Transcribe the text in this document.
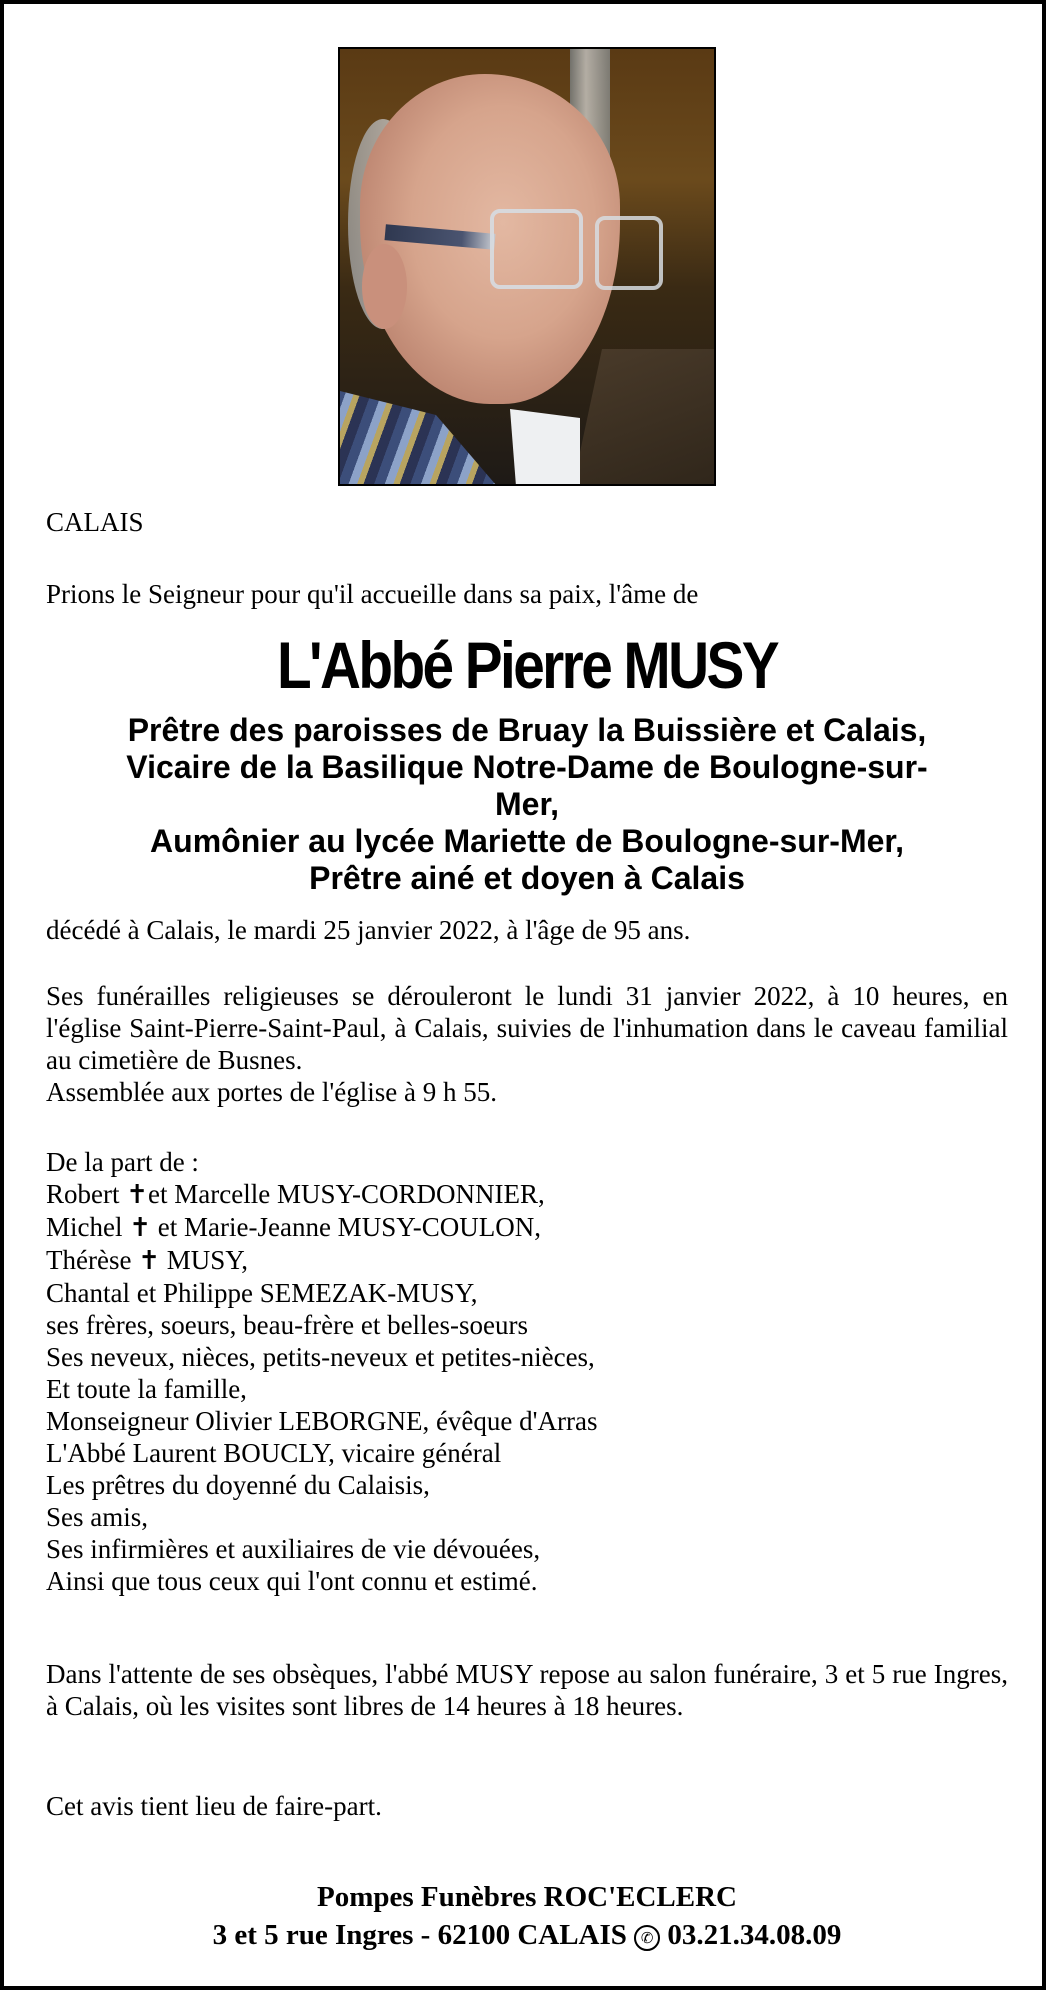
CALAIS
Prions le Seigneur pour qu'il accueille dans sa paix, l'âme de
L'Abbé Pierre MUSY
Prêtre des paroisses de Bruay la Buissière et Calais,
Vicaire de la Basilique Notre-Dame de Boulogne-sur-
Mer,
Aumônier au lycée Mariette de Boulogne-sur-Mer,
Prêtre ainé et doyen à Calais
décédé à Calais, le mardi 25 janvier 2022, à l'âge de 95 ans.
Ses funérailles religieuses se dérouleront le lundi 31 janvier 2022, à 10 heures, en l'église Saint-Pierre-Saint-Paul, à Calais, suivies de l'inhumation dans le caveau familial au cimetière de Busnes.
Assemblée aux portes de l'église à 9 h 55.
De la part de :
Robert ✝et Marcelle MUSY-CORDONNIER,
Michel ✝ et Marie-Jeanne MUSY-COULON,
Thérèse ✝ MUSY,
Chantal et Philippe SEMEZAK-MUSY,
ses frères, soeurs, beau-frère et belles-soeurs
Ses neveux, nièces, petits-neveux et petites-nièces,
Et toute la famille,
Monseigneur Olivier LEBORGNE, évêque d'Arras
L'Abbé Laurent BOUCLY, vicaire général
Les prêtres du doyenné du Calaisis,
Ses amis,
Ses infirmières et auxiliaires de vie dévouées,
Ainsi que tous ceux qui l'ont connu et estimé.
Dans l'attente de ses obsèques, l'abbé MUSY repose au salon funéraire, 3 et 5 rue Ingres, à Calais, où les visites sont libres de 14 heures à 18 heures.
Cet avis tient lieu de faire-part.
Pompes Funèbres ROC'ECLERC
3 et 5 rue Ingres - 62100 CALAIS ✆ 03.21.34.08.09
